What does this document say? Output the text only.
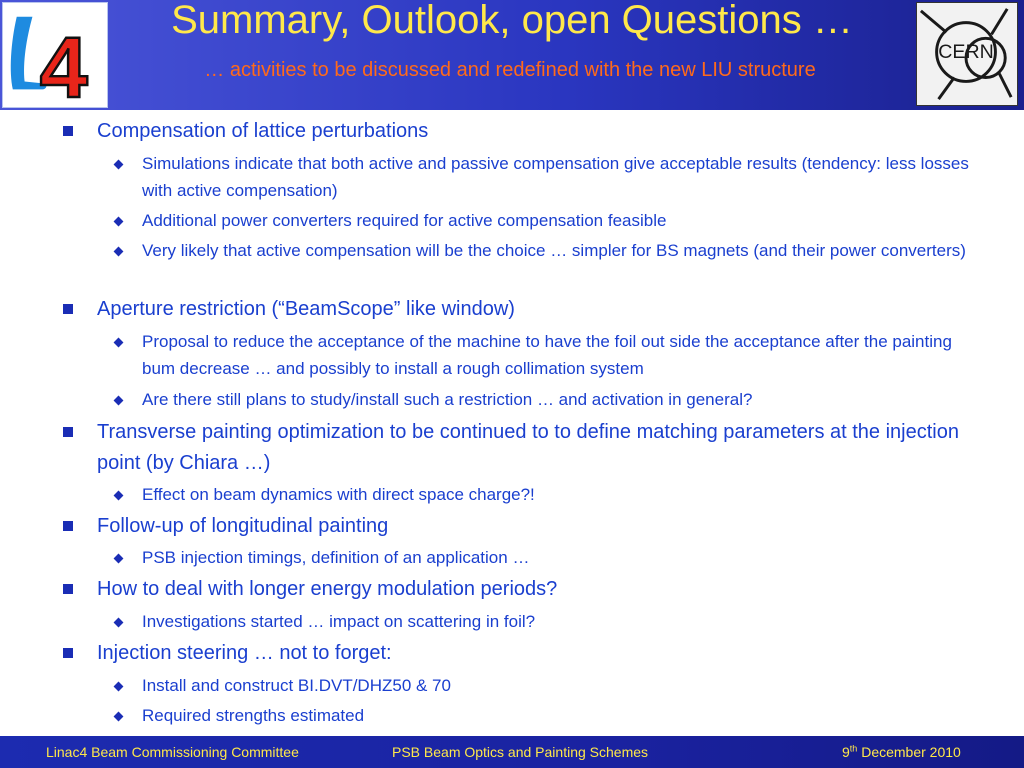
4
Summary, Outlook, open Questions …
… activities to be discussed and redefined with the new LIU structure
CERN
Compensation of lattice perturbations
Simulations indicate that both active and passive compensation give acceptable results (tendency: less losses with active compensation)
Additional power converters required for active compensation feasible
Very likely that active compensation will be the choice … simpler for BS magnets (and their power converters)
Aperture restriction (“BeamScope” like window)
Proposal to reduce the acceptance of the machine to have the foil out side the acceptance after the painting bum decrease … and possibly to install a rough collimation system
Are there still plans to study/install such a restriction … and activation in general?
Transverse painting optimization to be continued to to define matching parameters at the injection point (by Chiara …)
Effect on beam dynamics with direct space charge?!
Follow-up of longitudinal painting
PSB injection timings, definition of an application …
How to deal with longer energy modulation periods?
Investigations started … impact on scattering in foil?
Injection steering … not to forget:
Install and construct BI.DVT/DHZ50 & 70
Required strengths estimated
Linac4 Beam Commissioning Committee	PSB Beam Optics and Painting Schemes	9th December 2010
